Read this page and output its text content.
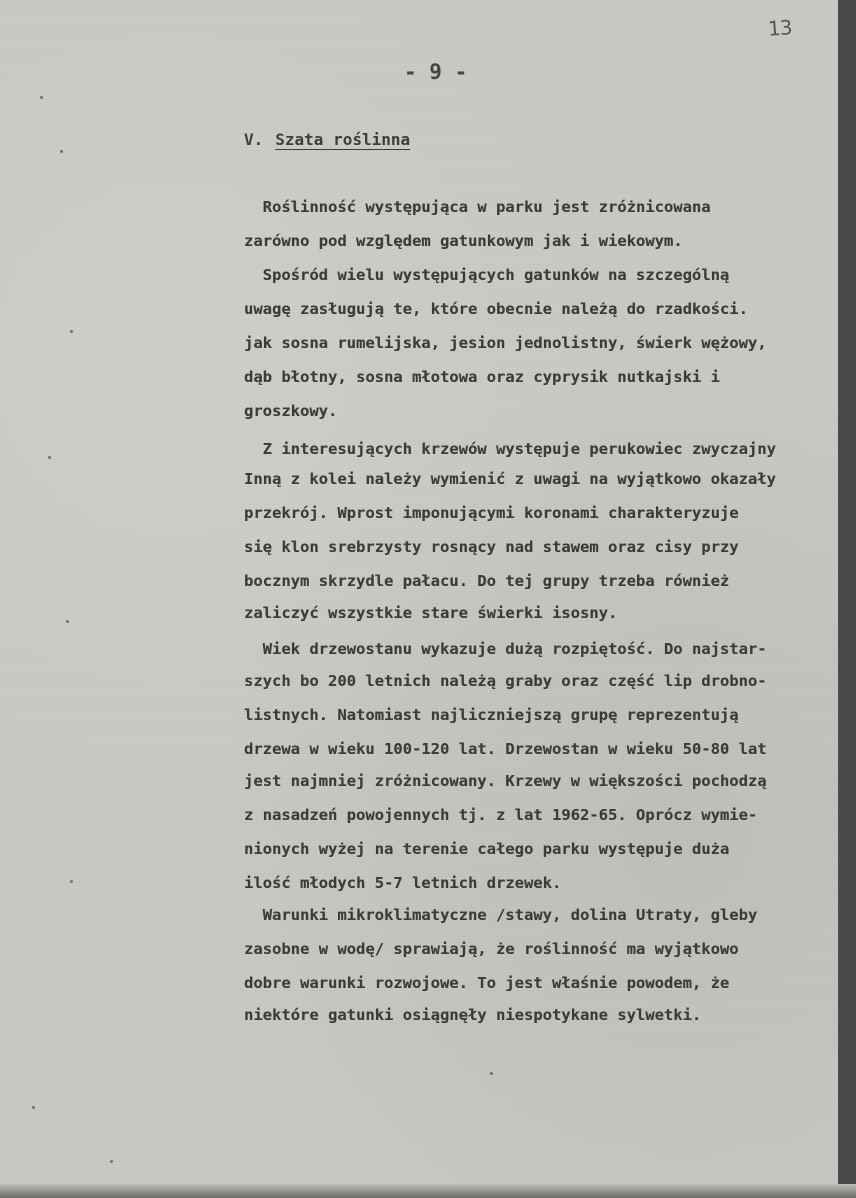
13
- 9 -
V. Szata roślinna
Roślinność występująca w parku jest zróżnicowana
zarówno pod względem gatunkowym jak i wiekowym.
Spośród wielu występujących gatunków na szczególną
uwagę zasługują te, które obecnie należą do rzadkości.
jak sosna rumelijska, jesion jednolistny, świerk wężowy,
dąb błotny, sosna młotowa oraz cyprysik nutkajski i
groszkowy.
Z interesujących krzewów występuje perukowiec zwyczajny
Inną z kolei należy wymienić z uwagi na wyjątkowo okazały
przekrój. Wprost imponującymi koronami charakteryzuje
się klon srebrzysty rosnący nad stawem oraz cisy przy
bocznym skrzydle pałacu. Do tej grupy trzeba również
zaliczyć wszystkie stare świerki isosny.
Wiek drzewostanu wykazuje dużą rozpiętość. Do najstar-
szych bo 200 letnich należą graby oraz część lip drobno-
listnych. Natomiast najliczniejszą grupę reprezentują
drzewa w wieku 100-120 lat. Drzewostan w wieku 50-80 lat
jest najmniej zróżnicowany. Krzewy w większości pochodzą
z nasadzeń powojennych tj. z lat 1962-65. Oprócz wymie-
nionych wyżej na terenie całego parku występuje duża
ilość młodych 5-7 letnich drzewek.
Warunki mikroklimatyczne /stawy, dolina Utraty, gleby
zasobne w wodę/ sprawiają, że roślinność ma wyjątkowo
dobre warunki rozwojowe. To jest właśnie powodem, że
niektóre gatunki osiągnęły niespotykane sylwetki.
